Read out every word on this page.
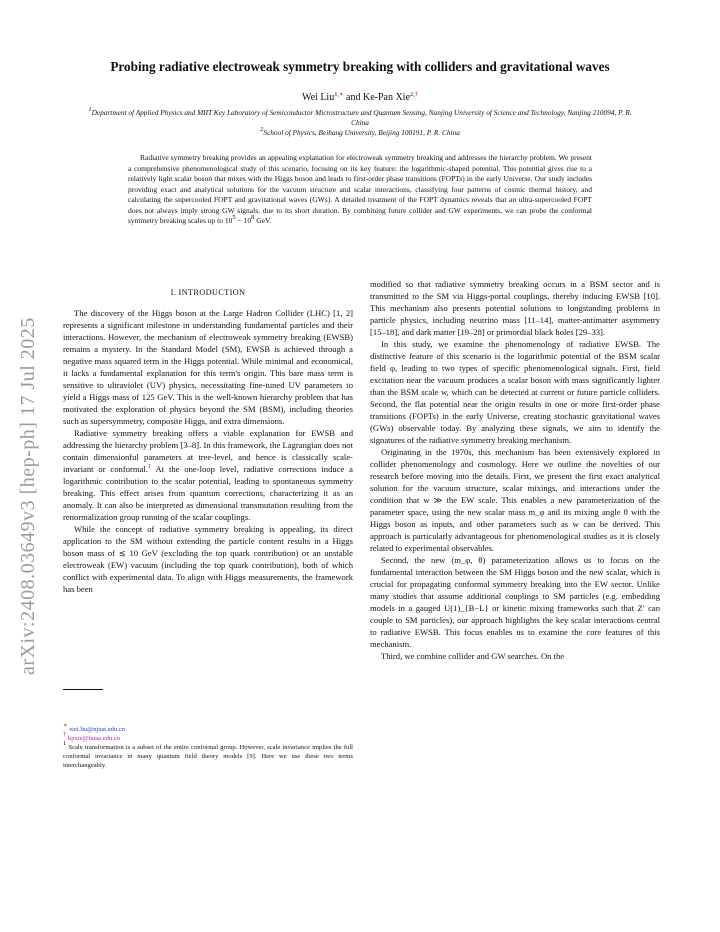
arXiv:2408.03649v3 [hep-ph] 17 Jul 2025
Probing radiative electroweak symmetry breaking with colliders and gravitational waves
Wei Liu$^{1,∗}$ and Ke-Pan Xie$^{2,\dagger}$
$^1$Department of Applied Physics and MIIT Key Laboratory of Semiconductor Microstructure and Quantum Sensing, Nanjing University of Science and Technology, Nanjing 210094, P. R. China
$^2$School of Physics, Beihang University, Beijing 100191, P. R. China
Radiative symmetry breaking provides an appealing explanation for electroweak symmetry breaking and addresses the hierarchy problem. We present a comprehensive phenomenological study of this scenario, focusing on its key feature: the logarithmic-shaped potential. This potential gives rise to a relatively light scalar boson that mixes with the Higgs boson and leads to first-order phase transitions (FOPTs) in the early Universe. Our study includes providing exact and analytical solutions for the vacuum structure and scalar interactions, classifying four patterns of cosmic thermal history, and calculating the supercooled FOPT and gravitational waves (GWs). A detailed treatment of the FOPT dynamics reveals that an ultra-supercooled FOPT does not always imply strong GW signals, due to its short duration. By combining future collider and GW experiments, we can probe the conformal symmetry breaking scales up to $10^5 - 10^8$ GeV.
I. INTRODUCTION

The discovery of the Higgs boson at the Large Hadron Collider (LHC) [1, 2] represents a significant milestone in understanding fundamental particles and their interactions. However, the mechanism of electroweak symmetry breaking (EWSB) remains a mystery. In the Standard Model (SM), EWSB is achieved through a negative mass squared term in the Higgs potential. While minimal and economical, it lacks a fundamental explanation for this term's origin. This bare mass term is sensitive to ultraviolet (UV) physics, necessitating fine-tuned UV parameters to yield a Higgs mass of 125 GeV. This is the well-known hierarchy problem that has motivated the exploration of physics beyond the SM (BSM), including theories such as supersymmetry, composite Higgs, and extra dimensions.

Radiative symmetry breaking offers a viable explanation for EWSB and addressing the hierarchy problem [3–8]. In this framework, the Lagrangian does not contain dimensionful parameters at tree-level, and hence is classically scale-invariant or conformal.$^1$ At the one-loop level, radiative corrections induce a logarithmic contribution to the scalar potential, leading to spontaneous symmetry breaking. This effect arises from quantum corrections, characterizing it as an anomaly. It can also be interpreted as dimensional transmutation resulting from the renormalization group running of the scalar couplings.

While the concept of radiative symmetry breaking is appealing, its direct application to the SM without extending the particle content results in a Higgs boson mass of ≲ 10 GeV (excluding the top quark contribution) or an unstable electroweak (EW) vacuum (including the top quark contribution), both of which conflict with experimental data. To align with Higgs measurements, the framework has been

modified so that radiative symmetry breaking occurs in a BSM sector and is transmitted to the SM via Higgs-portal couplings, thereby inducing EWSB [10]. This mechanism also presents potential solutions to longstanding problems in particle physics, including neutrino mass [11–14], matter-antimatter asymmetry [15–18], and dark matter [19–28] or primordial black holes [29–33].

In this study, we examine the phenomenology of radiative EWSB. The distinctive feature of this scenario is the logarithmic potential of the BSM scalar field φ, leading to two types of specific phenomenological signals. First, field excitation near the vacuum produces a scalar boson with mass significantly lighter than the BSM scale w, which can be detected at current or future particle colliders. Second, the flat potential near the origin results in one or more first-order phase transitions (FOPTs) in the early Universe, creating stochastic gravitational waves (GWs) observable today. By analyzing these signals, we aim to identify the signatures of the radiative symmetry breaking mechanism.

Originating in the 1970s, this mechanism has been extensively explored in collider phenomenology and cosmology. Here we outline the novelties of our research before moving into the details. First, we present the first exact analytical solution for the vacuum structure, scalar mixings, and interactions under the condition that w ≫ the EW scale. This enables a new parameterization of the parameter space, using the new scalar mass m_φ and its mixing angle θ with the Higgs boson as inputs, and other parameters such as w can be derived. This approach is particularly advantageous for phenomenological studies as it is closely related to experimental observables.

Second, the new (m_φ, θ) parameterization allows us to focus on the fundamental interaction between the SM Higgs boson and the new scalar, which is crucial for propagating conformal symmetry breaking into the EW sector. Unlike many studies that assume additional couplings to SM particles (e.g. embedding models in a gauged U(1)_{B−L} or kinetic mixing frameworks such that Z′ can couple to SM particles), our approach highlights the key scalar interactions central to radiative EWSB. This focus enables us to examine the core features of this mechanism.

Third, we combine collider and GW searches. On the

∗ wei.liu@njust.edu.cn
† kpxie@buaa.edu.cn
$^1$ Scale transformation is a subset of the entire conformal group. However, scale invariance implies the full conformal invariance in many quantum field theory models [9]. Here we use these two terms interchangeably.
